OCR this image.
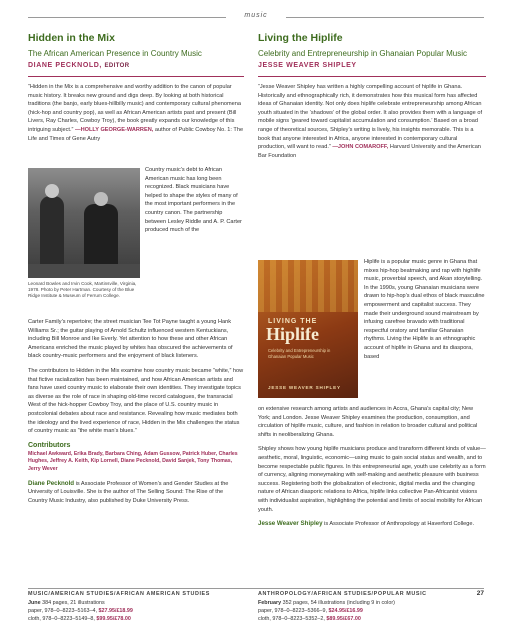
music
Hidden in the Mix
The African American Presence in Country Music
DIANE PECKNOLD, EDITOR
“Hidden in the Mix is a comprehensive and worthy addition to the canon of popular music history. It breaks new ground and digs deep. By looking at both historical traditions (the banjo, early blues-hillbilly music) and contemporary cultural phenomena (hick-hop and country pop), as well as African American artists past and present (Bill Livers, Ray Charles, Cowboy Troy), the book greatly expands our knowledge of this intriguing subject.” —HOLLY GEORGE-WARREN, author of Public Cowboy No. 1: The Life and Times of Gene Autry
Leonard Bowles and Irvin Cook, Martinsville, Virginia, 1978. Photo by Peter Hartman. Courtesy of the Blue Ridge Institute & Museum of Ferrum College.
Country music’s debt to African American music has long been recognized. Black musicians have helped to shape the styles of many of the most important performers in the country canon. The partnership between Lesley Riddle and A. P. Carter produced much of the
Carter Family’s repertoire; the street musician Tee Tot Payne taught a young Hank Williams Sr.; the guitar playing of Arnold Schultz influenced western Kentuckians, including Bill Monroe and Ike Everly. Yet attention to how these and other African Americans enriched the music played by whites has obscured the achievements of black country-music performers and the enjoyment of black listeners.
The contributors to Hidden in the Mix examine how country music became “white,” how that fictive racialization has been maintained, and how African American artists and fans have used country music to elaborate their own identities. They investigate topics as diverse as the role of race in shaping old-time record catalogues, the transracial West of the hick-hopper Cowboy Troy, and the place of U.S. country music in postcolonial debates about race and resistance. Revealing how music mediates both the ideology and the lived experience of race, Hidden in the Mix challenges the status of country music as “the white man’s blues.”
Contributors
Michael Awkward, Erika Brady, Barbara Ching, Adam Gussow, Patrick Huber, Charles Hughes, Jeffrey A. Keith, Kip Lornell, Diane Pecknold, David Sanjek, Tony Thomas, Jerry Wever
Diane Pecknold is Associate Professor of Women’s and Gender Studies at the University of Louisville. She is the author of The Selling Sound: The Rise of the Country Music Industry, also published by Duke University Press.
Living the Hiplife
Celebrity and Entrepreneurship in Ghanaian Popular Music
JESSE WEAVER SHIPLEY
“Jesse Weaver Shipley has written a highly compelling account of hiplife in Ghana. Historically and ethnographically rich, it demonstrates how this musical form has affected ideas of Ghanaian identity. Not only does hiplife celebrate entrepreneurship among African youth situated in the ‘shadows’ of the global order. It also provides them with a language of mobile signs ‘geared toward capitalist accumulation and consumption.’ Based on a broad range of theoretical sources, Shipley’s writing is lively, his insights memorable. This is a book that anyone interested in Africa, anyone interested in contemporary cultural production, will want to read.” —JOHN COMAROFF, Harvard University and the American Bar Foundation
LIVING THE
Hiplife
Celebrity and Entrepreneurship in Ghanaian Popular Music
JESSE WEAVER SHIPLEY
Hiplife is a popular music genre in Ghana that mixes hip-hop beatmaking and rap with highlife music, proverbial speech, and Akan storytelling. In the 1990s, young Ghanaian musicians were drawn to hip-hop’s dual ethos of black masculine empowerment and capitalist success. They made their underground sound mainstream by infusing carefree bravado with traditional respectful oratory and familiar Ghanaian rhythms. Living the Hiplife is an ethnographic account of hiplife in Ghana and its diaspora, based
on extensive research among artists and audiences in Accra, Ghana’s capital city; New York; and London. Jesse Weaver Shipley examines the production, consumption, and circulation of hiplife music, culture, and fashion in relation to broader cultural and political shifts in neoliberalizing Ghana.
Shipley shows how young hiplife musicians produce and transform different kinds of value—aesthetic, moral, linguistic, economic—using music to gain social status and wealth, and to become respectable public figures. In this entrepreneurial age, youth use celebrity as a form of currency, aligning moneymaking with self-making and aesthetic pleasure with business success. Registering both the globalization of electronic, digital media and the changing nature of African diasporic relations to Africa, hiplife links collective Pan-Africanist visions with individualist aspiration, highlighting the potential and limits of social mobility for African youth.
Jesse Weaver Shipley is Associate Professor of Anthropology at Haverford College.
MUSIC/AMERICAN STUDIES/AFRICAN AMERICAN STUDIES	ANTHROPOLOGY/AFRICAN STUDIES/POPULAR MUSIC	27
June 384 pages, 21 illustrations
paper, 978–0–8223–5163–4, $27.95/£18.99
cloth, 978–0–8223–5149–8, $99.95/£78.00
February 352 pages, 54 illustrations (including 9 in color)
paper, 978–0–8223–5366–9, $24.95/£16.99
cloth, 978–0–8223–5352–2, $89.95/£67.00
